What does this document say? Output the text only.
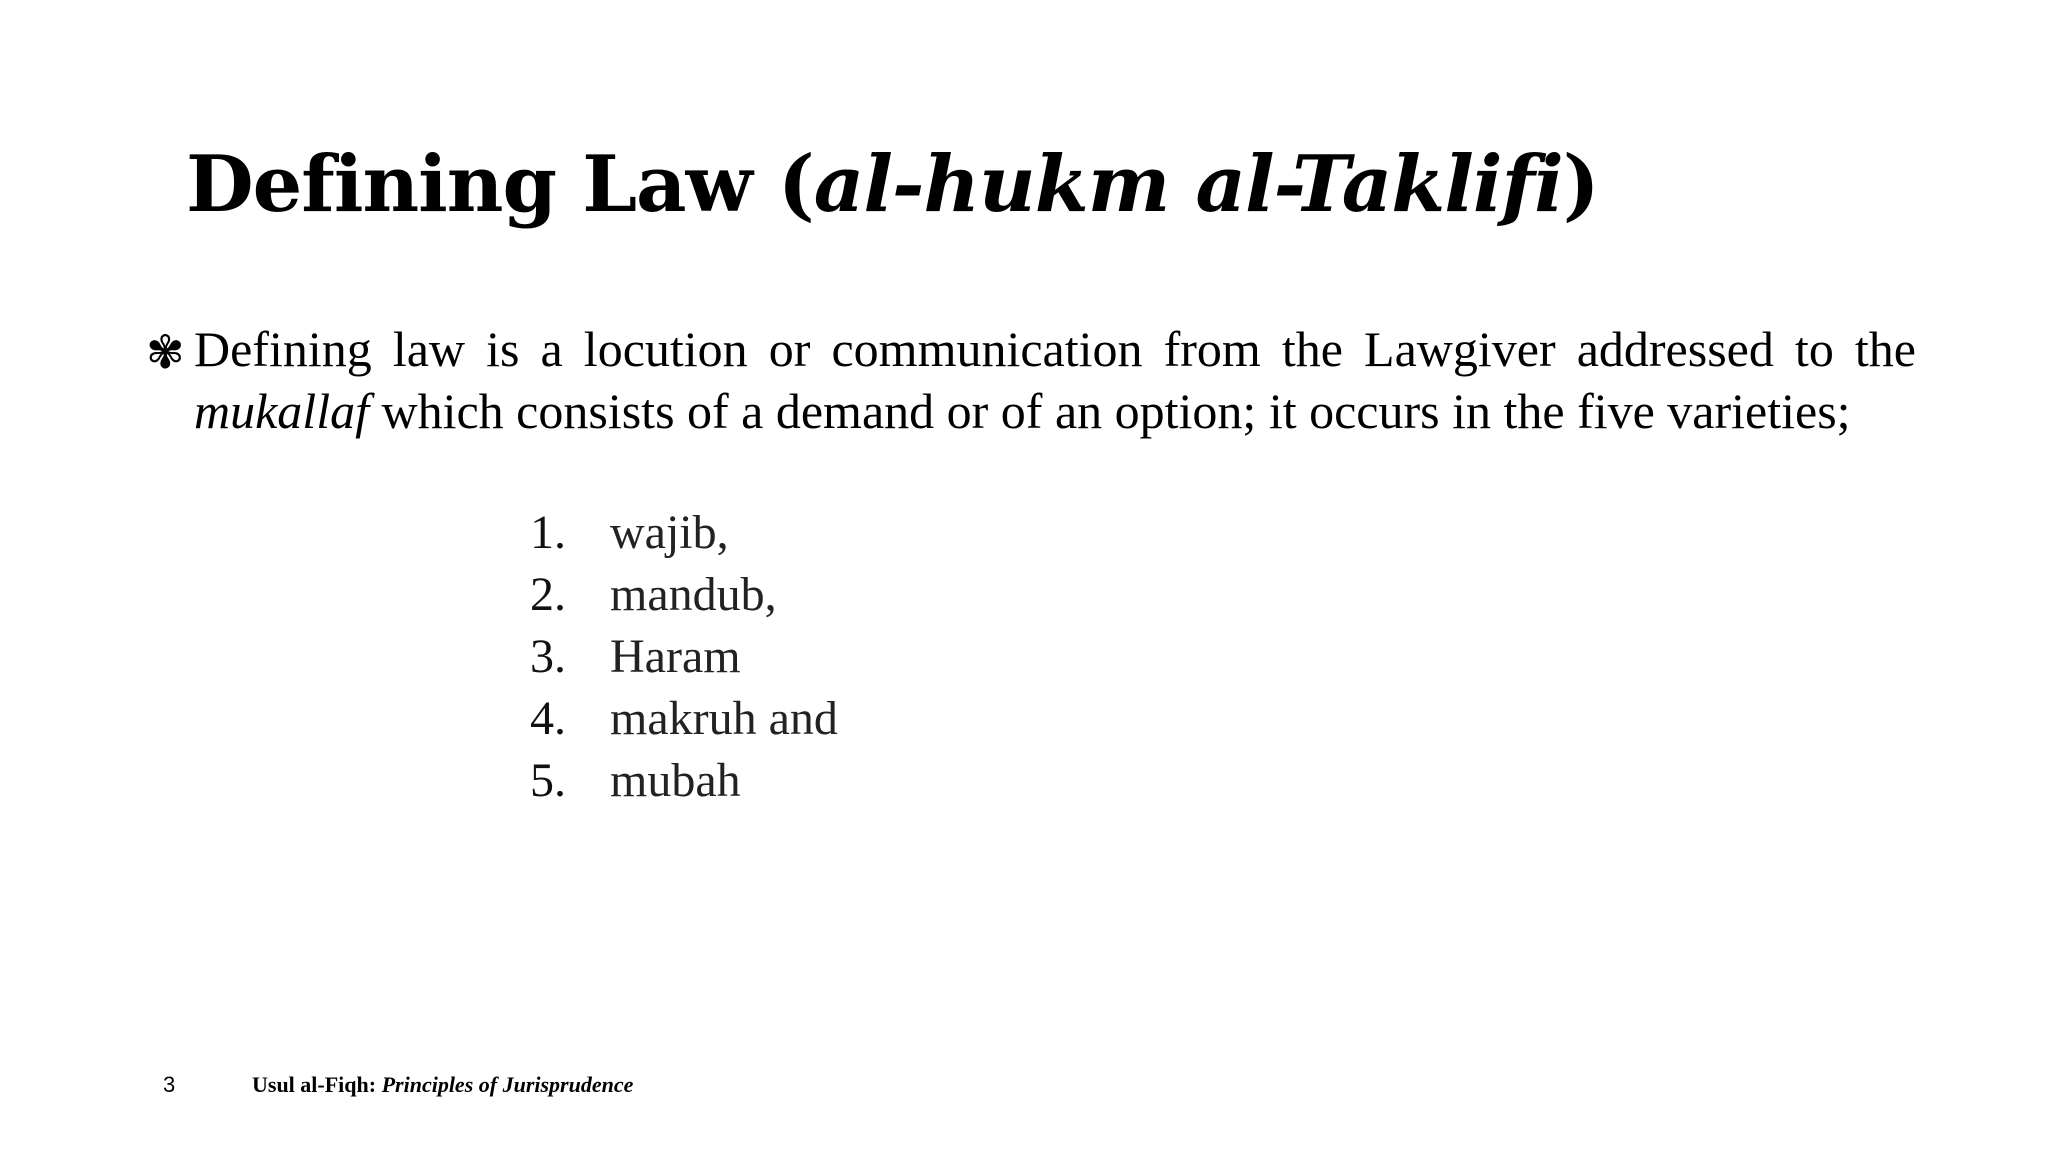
Defining Law (al-hukm al-Taklifi)
✾ Defining law is a locution or communication from the Lawgiver addressed to the mukallaf which consists of a demand or of an option; it occurs in the five varieties;

1. wajib,
2. mandub,
3. Haram
4. makruh and
5. mubah
3	Usul al-Fiqh: Principles of Jurisprudence
